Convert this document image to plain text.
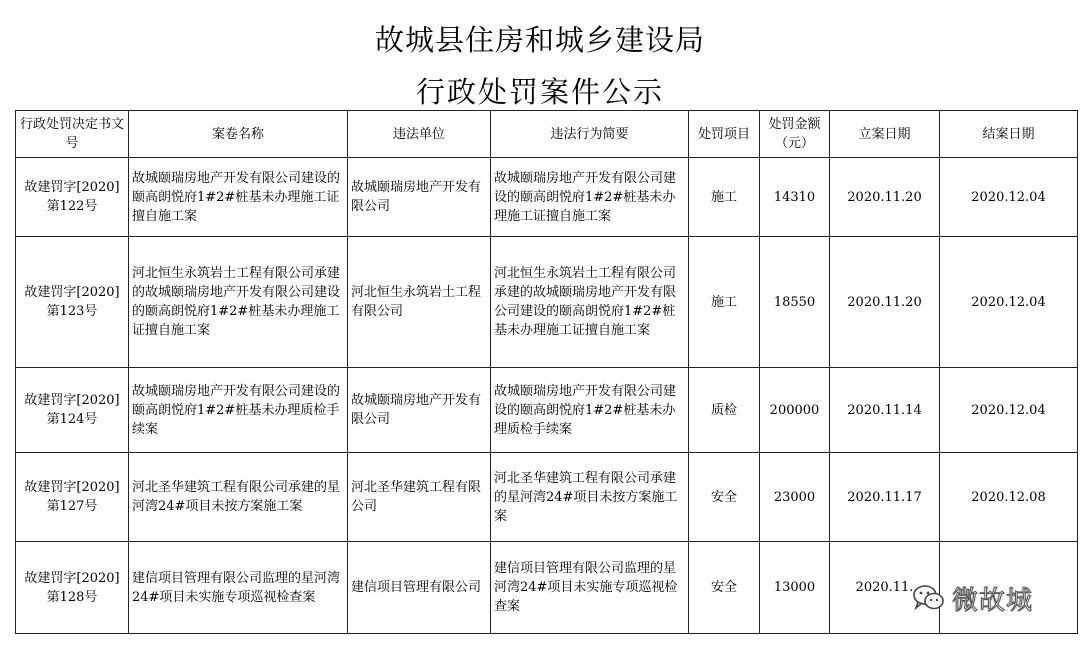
故城县住房和城乡建设局
行政处罚案件公示
行政处罚决定书文号	案卷名称	违法单位	违法行为简要	处罚项目	处罚金额（元）	立案日期	结案日期
故建罚字[2020]第122号	故城颐瑞房地产开发有限公司建设的颐高朗悦府1#2#桩基未办理施工证擅自施工案	故城颐瑞房地产开发有限公司	故城颐瑞房地产开发有限公司建设的颐高朗悦府1#2#桩基未办理施工证擅自施工案	施工	14310	2020.11.20	2020.12.04
故建罚字[2020]第123号	河北恒生永筑岩土工程有限公司承建的故城颐瑞房地产开发有限公司建设的颐高朗悦府1#2#桩基未办理施工证擅自施工案	河北恒生永筑岩土工程有限公司	河北恒生永筑岩土工程有限公司承建的故城颐瑞房地产开发有限公司建设的颐高朗悦府1#2#桩基未办理施工证擅自施工案	施工	18550	2020.11.20	2020.12.04
故建罚字[2020]第124号	故城颐瑞房地产开发有限公司建设的颐高朗悦府1#2#桩基未办理质检手续案	故城颐瑞房地产开发有限公司	故城颐瑞房地产开发有限公司建设的颐高朗悦府1#2#桩基未办理质检手续案	质检	200000	2020.11.14	2020.12.04
故建罚字[2020]第127号	河北圣华建筑工程有限公司承建的星河湾24#项目未按方案施工案	河北圣华建筑工程有限公司	河北圣华建筑工程有限公司承建的星河湾24#项目未按方案施工案	安全	23000	2020.11.17	2020.12.08
故建罚字[2020]第128号	建信项目管理有限公司监理的星河湾24#项目未实施专项巡视检查案	建信项目管理有限公司	建信项目管理有限公司监理的星河湾24#项目未实施专项巡视检查案	安全	13000	2020.11.	微故城
